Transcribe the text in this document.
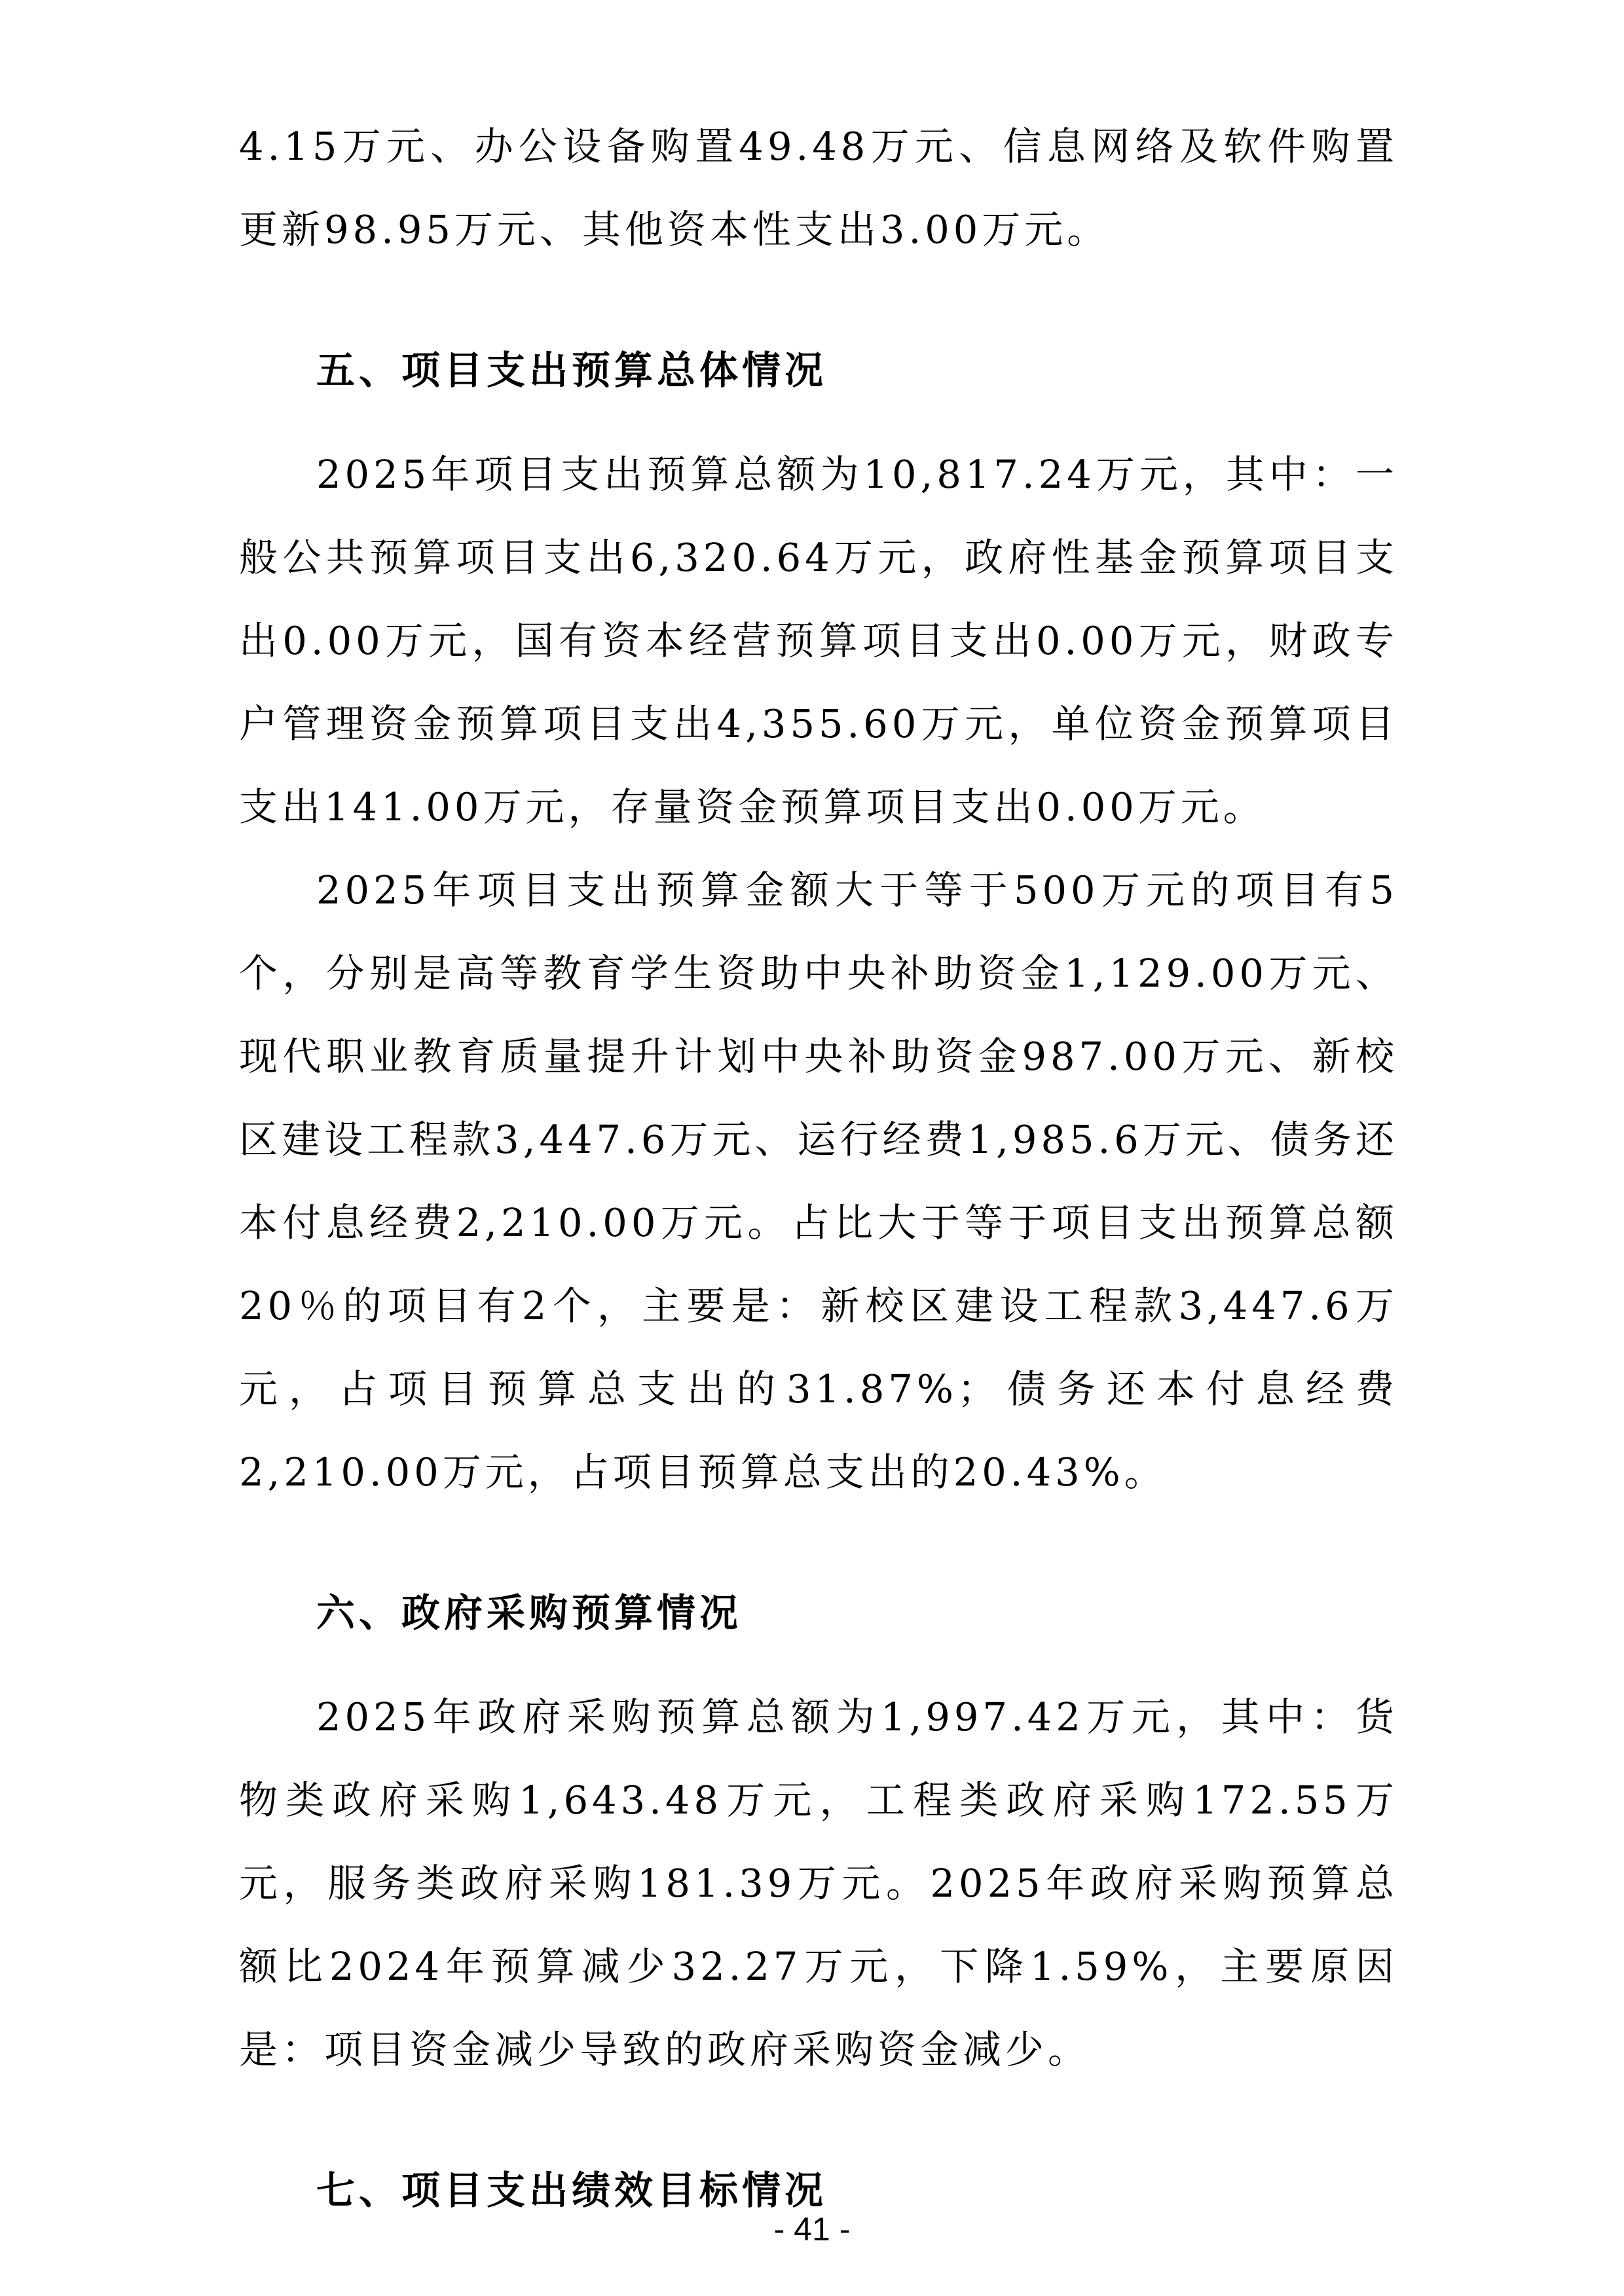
4.15万元、办公设备购置49.48万元、信息网络及软件购置更新98.95万元、其他资本性支出3.00万元。

五、项目支出预算总体情况

2025年项目支出预算总额为10,817.24万元，其中：一般公共预算项目支出6,320.64万元，政府性基金预算项目支出0.00万元，国有资本经营预算项目支出0.00万元，财政专户管理资金预算项目支出4,355.60万元，单位资金预算项目支出141.00万元，存量资金预算项目支出0.00万元。

2025年项目支出预算金额大于等于500万元的项目有5个，分别是高等教育学生资助中央补助资金1,129.00万元、现代职业教育质量提升计划中央补助资金987.00万元、新校区建设工程款3,447.6万元、运行经费1,985.6万元、债务还本付息经费2,210.00万元。占比大于等于项目支出预算总额20％的项目有2个，主要是：新校区建设工程款3,447.6万元，占项目预算总支出的31.87%；债务还本付息经费2,210.00万元，占项目预算总支出的20.43%。

六、政府采购预算情况

2025年政府采购预算总额为1,997.42万元，其中：货物类政府采购1,643.48万元，工程类政府采购172.55万元，服务类政府采购181.39万元。2025年政府采购预算总额比2024年预算减少32.27万元，下降1.59%，主要原因是：项目资金减少导致的政府采购资金减少。

七、项目支出绩效目标情况
- 41 -
